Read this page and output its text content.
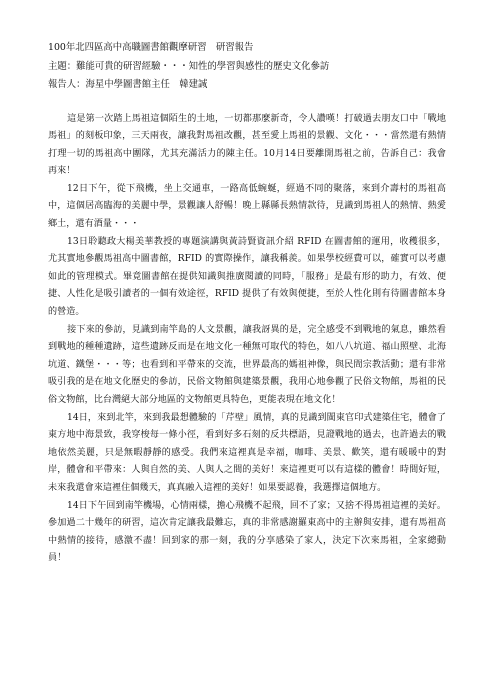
100年北四區高中高職圖書館觀摩研習　研習報告
主題：難能可貴的研習經驗・・・知性的學習與感性的歷史文化參訪
報告人：海星中學圖書館主任　韓建誠

這是第一次踏上馬祖這個陌生的土地，一切都那麼新奇，令人讚嘆！打破過去朋友口中「戰地馬祖」的刻板印象，三天兩夜，讓我對馬祖改觀，甚至愛上馬祖的景觀、文化・・・當然還有熱情打理一切的馬祖高中團隊，尤其充滿活力的陳主任。10月14日要離開馬祖之前，告訴自己：我會再來！

12日下午，從下飛機，坐上交通車，一路高低蜿蜒，經過不同的聚落，來到介壽村的馬祖高中，這個居高臨海的美麗中學，景觀讓人舒暢！晚上縣縣長熱情款待，見識到馬祖人的熱情、熱愛鄉土，還有酒量・・・

13日聆聽政大楊美華教授的專題演講與黃詩賢資訊介紹 RFID 在圖書館的運用，收穫很多，尤其實地參觀馬祖高中圖書館，RFID 的實際操作，讓我稱羨。如果學校經費可以，確實可以考慮如此的管理模式。畢竟圖書館在提供知識與推廣閱讀的同時，「服務」是最有形的助力，有效、便捷、人性化是吸引讀者的一個有效途徑，RFID 提供了有效與便捷，至於人性化則有待圖書館本身的營造。

接下來的參訪，見識到南竿島的人文景觀，讓我訝異的是，完全感受不到戰地的氣息，雖然看到戰地的種種遺跡，這些遺跡反而是在地文化一種無可取代的特色，如八八坑道、福山照壁、北海坑道、鐵堡・・・等；也看到和平帶來的交流，世界最高的媽祖神像，與民間宗教活動；還有非常吸引我的是在地文化歷史的參訪，民俗文物館與建築景觀，我用心地參觀了民俗文物館，馬祖的民俗文物館，比台灣絕大部分地區的文物館更具特色，更能表現在地文化！

14日，來到北竿，來到我最想體驗的「芹壁」風情，真的見識到閩東官印式建築住宅，體會了東方地中海景致，我穿梭每一條小徑，看到好多石刻的反共標語，見證戰地的過去，也許過去的戰地依然美麗，只是無暇靜靜的感受。我們來這裡真是幸福，咖啡、美景、歡笑，還有暖暖中的對岸，體會和平帶來：人與自然的美、人與人之間的美好！來這裡更可以有這樣的體會！時間好短，未來我還會來這裡住個幾天，真真融入這裡的美好！如果要認養，我選擇這個地方。

14日下午回到南竿機場，心情兩樣，擔心飛機不起飛，回不了家；又捨不得馬祖這裡的美好。參加過二十幾年的研習，這次肯定讓我最難忘，真的非常感謝羅東高中的主辦與安排，還有馬祖高中熱情的接待，感激不盡！回到家的那一刻，我的分享感染了家人，決定下次來馬祖，全家總動員！
